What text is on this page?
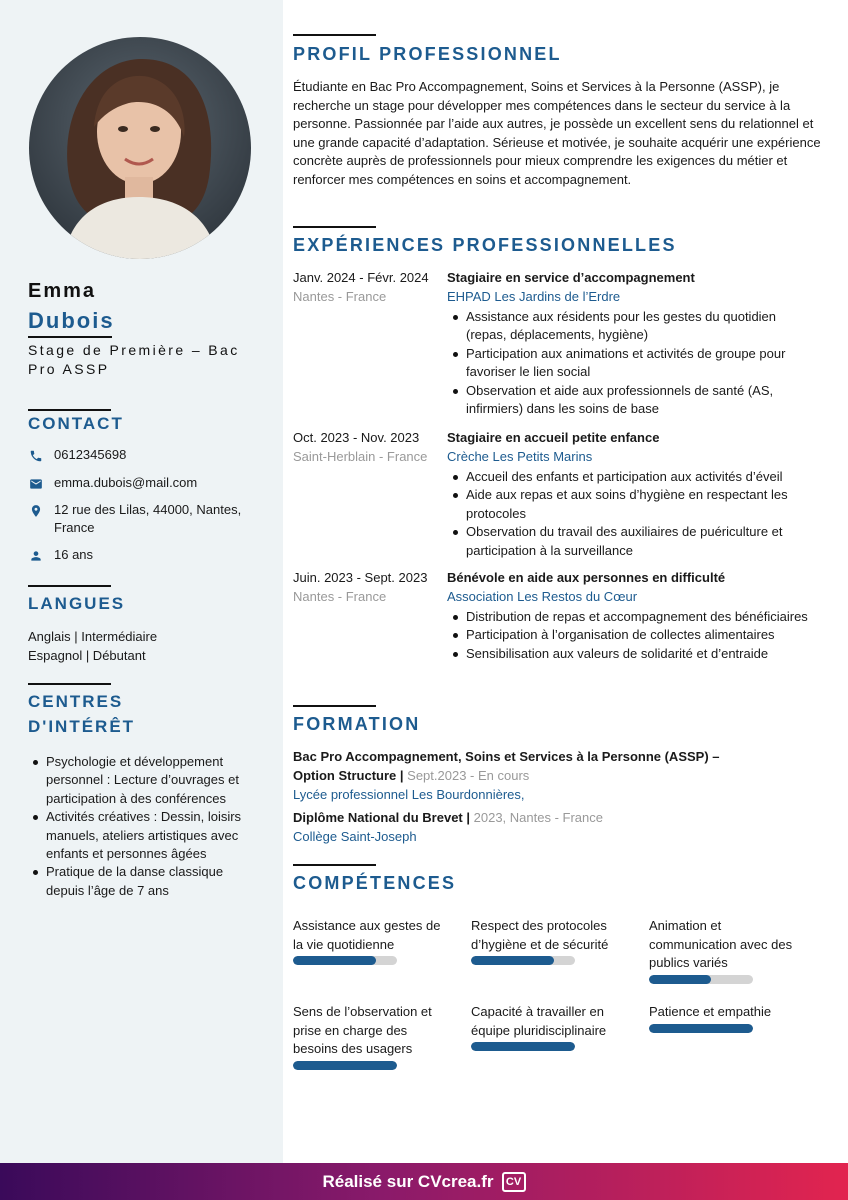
Emma
Dubois
Stage de Première – Bac Pro ASSP
CONTACT
0612345698
emma.dubois@mail.com
12 rue des Lilas, 44000, Nantes, France
16 ans
LANGUES
Anglais | Intermédiaire
Espagnol | Débutant
CENTRES
D'INTÉRÊT
Psychologie et développement personnel : Lecture d’ouvrages et participation à des conférences
Activités créatives : Dessin, loisirs manuels, ateliers artistiques avec enfants et personnes âgées
Pratique de la danse classique depuis l’âge de 7 ans
PROFIL PROFESSIONNEL
Étudiante en Bac Pro Accompagnement, Soins et Services à la Personne (ASSP), je recherche un stage pour développer mes compétences dans le secteur du service à la personne. Passionnée par l’aide aux autres, je possède un excellent sens du relationnel et une grande capacité d’adaptation. Sérieuse et motivée, je souhaite acquérir une expérience concrète auprès de professionnels pour mieux comprendre les exigences du métier et renforcer mes compétences en soins et accompagnement.
EXPÉRIENCES PROFESSIONNELLES
Janv. 2024 - Févr. 2024
Nantes - France
Stagiaire en service d’accompagnement
EHPAD Les Jardins de l’Erdre
Assistance aux résidents pour les gestes du quotidien (repas, déplacements, hygiène)
Participation aux animations et activités de groupe pour favoriser le lien social
Observation et aide aux professionnels de santé (AS, infirmiers) dans les soins de base
Oct. 2023 - Nov. 2023
Saint-Herblain - France
Stagiaire en accueil petite enfance
Crèche Les Petits Marins
Accueil des enfants et participation aux activités d’éveil
Aide aux repas et aux soins d’hygiène en respectant les protocoles
Observation du travail des auxiliaires de puériculture et participation à la surveillance
Juin. 2023 - Sept. 2023
Nantes - France
Bénévole en aide aux personnes en difficulté
Association Les Restos du Cœur
Distribution de repas et accompagnement des bénéficiaires
Participation à l’organisation de collectes alimentaires
Sensibilisation aux valeurs de solidarité et d’entraide
FORMATION
Bac Pro Accompagnement, Soins et Services à la Personne (ASSP) – Option Structure | Sept.2023 - En cours
Lycée professionnel Les Bourdonnières,
Diplôme National du Brevet | 2023, Nantes - France
Collège Saint-Joseph
COMPÉTENCES
Assistance aux gestes de la vie quotidienne
Respect des protocoles d’hygiène et de sécurité
Animation et communication avec des publics variés
Sens de l’observation et prise en charge des besoins des usagers
Capacité à travailler en équipe pluridisciplinaire
Patience et empathie
Réalisé sur CVcrea.fr	CV
